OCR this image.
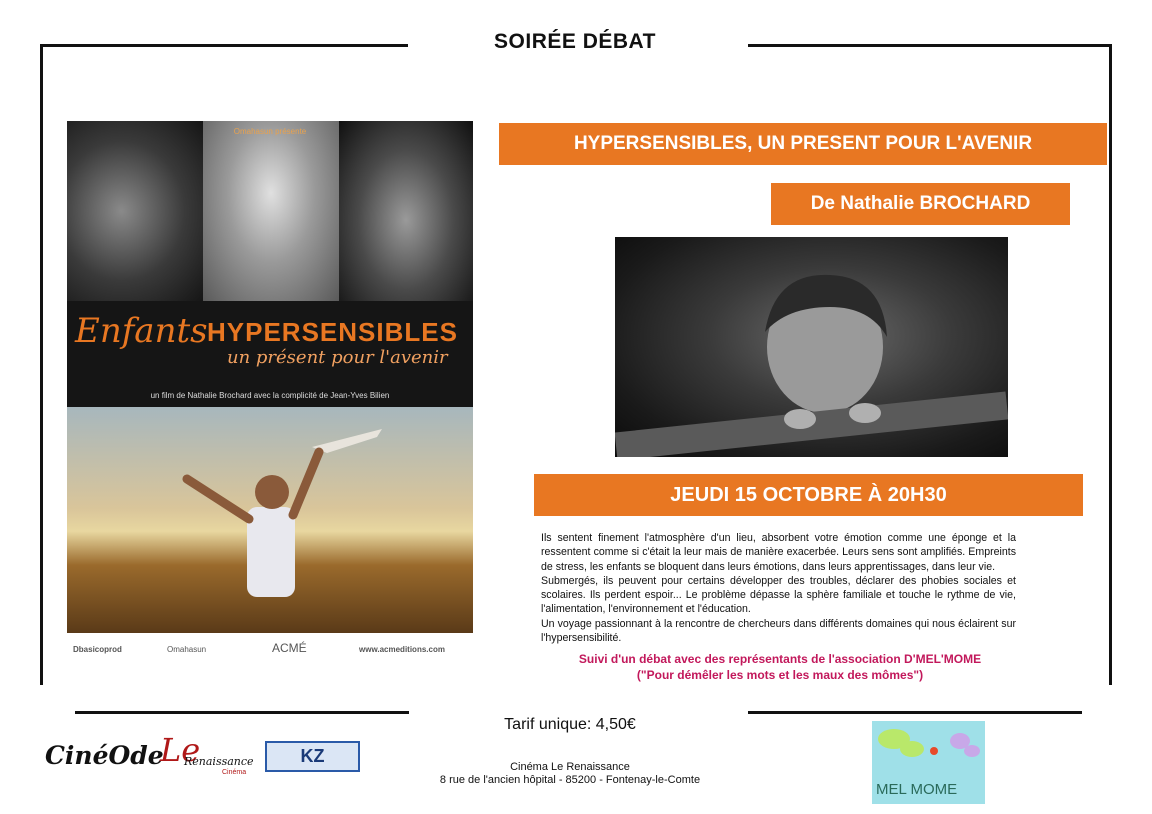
SOIRÉE DÉBAT
Omahasun présente
Enfants HYPERSENSIBLES
un présent pour l'avenir
un film de Nathalie Brochard avec la complicité de Jean-Yves Bilien
Dbasicoprod	Omahasun	ACMÉ	www.acmeditions.com
HYPERSENSIBLES, UN PRESENT POUR L'AVENIR
De Nathalie BROCHARD
JEUDI 15 OCTOBRE À 20H30

Ils sentent finement l'atmosphère d'un lieu, absorbent votre émotion comme une éponge et la ressentent comme si c'était la leur mais de manière exacerbée. Leurs sens sont amplifiés. Empreints de stress, les enfants se bloquent dans leurs émotions, dans leurs apprentissages, dans leur vie.

Submergés, ils peuvent pour certains développer des troubles, déclarer des phobies sociales et scolaires. Ils perdent espoir... Le problème dépasse la sphère familiale et touche le rythme de vie, l'alimentation, l'environnement et l'éducation.

Un voyage passionnant à la rencontre de chercheurs dans différents domaines qui nous éclairent sur l'hypersensibilité.

Suivi d'un débat avec des représentants de l'association D'MEL'MOME
("Pour démêler les mots et les maux des mômes")
Tarif unique: 4,50€
Cinéma Le Renaissance
8 rue de l'ancien hôpital - 85200 - Fontenay-le-Comte
CinéOde
Le
Renaissance
Cinéma
KZ
MEL MOME
